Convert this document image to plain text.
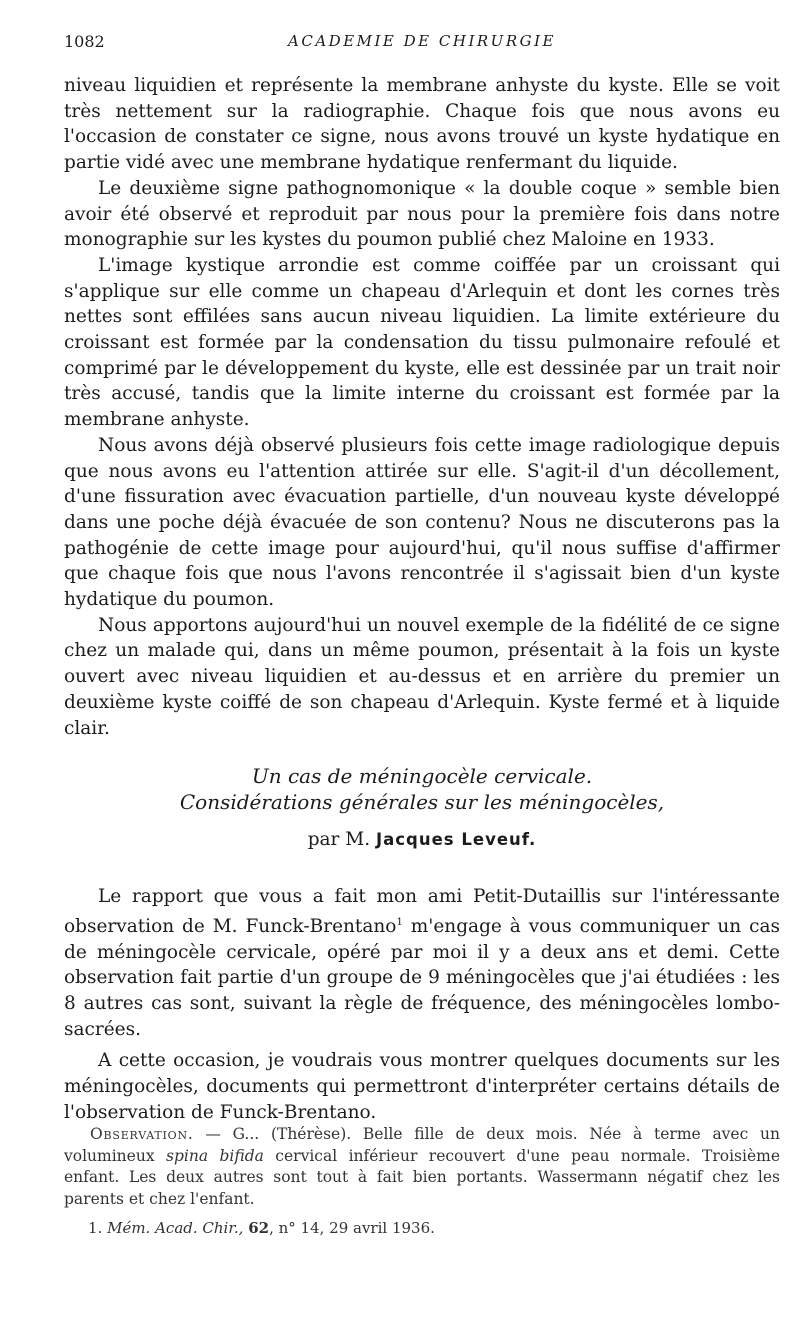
1082	ACADEMIE DE CHIRURGIE

niveau liquidien et représente la membrane anhyste du kyste. Elle se voit très nettement sur la radiographie. Chaque fois que nous avons eu l'occasion de constater ce signe, nous avons trouvé un kyste hydatique en partie vidé avec une membrane hydatique renfermant du liquide.

Le deuxième signe pathognomonique « la double coque » semble bien avoir été observé et reproduit par nous pour la première fois dans notre monographie sur les kystes du poumon publié chez Maloine en 1933.

L'image kystique arrondie est comme coiffée par un croissant qui s'applique sur elle comme un chapeau d'Arlequin et dont les cornes très nettes sont effilées sans aucun niveau liquidien. La limite extérieure du croissant est formée par la condensation du tissu pulmonaire refoulé et comprimé par le développement du kyste, elle est dessinée par un trait noir très accusé, tandis que la limite interne du croissant est formée par la membrane anhyste.

Nous avons déjà observé plusieurs fois cette image radiologique depuis que nous avons eu l'attention attirée sur elle. S'agit-il d'un décollement, d'une fissuration avec évacuation partielle, d'un nouveau kyste développé dans une poche déjà évacuée de son contenu? Nous ne discuterons pas la pathogénie de cette image pour aujourd'hui, qu'il nous suffise d'affirmer que chaque fois que nous l'avons rencontrée il s'agissait bien d'un kyste hydatique du poumon.

Nous apportons aujourd'hui un nouvel exemple de la fidélité de ce signe chez un malade qui, dans un même poumon, présentait à la fois un kyste ouvert avec niveau liquidien et au-dessus et en arrière du premier un deuxième kyste coiffé de son chapeau d'Arlequin. Kyste fermé et à liquide clair.

Un cas de méningocèle cervicale.
Considérations générales sur les méningocèles,
par M. Jacques Leveuf.

Le rapport que vous a fait mon ami Petit-Dutaillis sur l'intéressante observation de M. Funck-Brentano$^1$ m'engage à vous communiquer un cas de méningocèle cervicale, opéré par moi il y a deux ans et demi. Cette observation fait partie d'un groupe de 9 méningocèles que j'ai étudiées : les 8 autres cas sont, suivant la règle de fréquence, des méningocèles lombo-sacrées.

A cette occasion, je voudrais vous montrer quelques documents sur les méningocèles, documents qui permettront d'interpréter certains détails de l'observation de Funck-Brentano.

Observation. — G... (Thérèse). Belle fille de deux mois. Née à terme avec un volumineux spina bifida cervical inférieur recouvert d'une peau normale. Troisième enfant. Les deux autres sont tout à fait bien portants. Wassermann négatif chez les parents et chez l'enfant.

1. Mém. Acad. Chir., 62, n° 14, 29 avril 1936.
